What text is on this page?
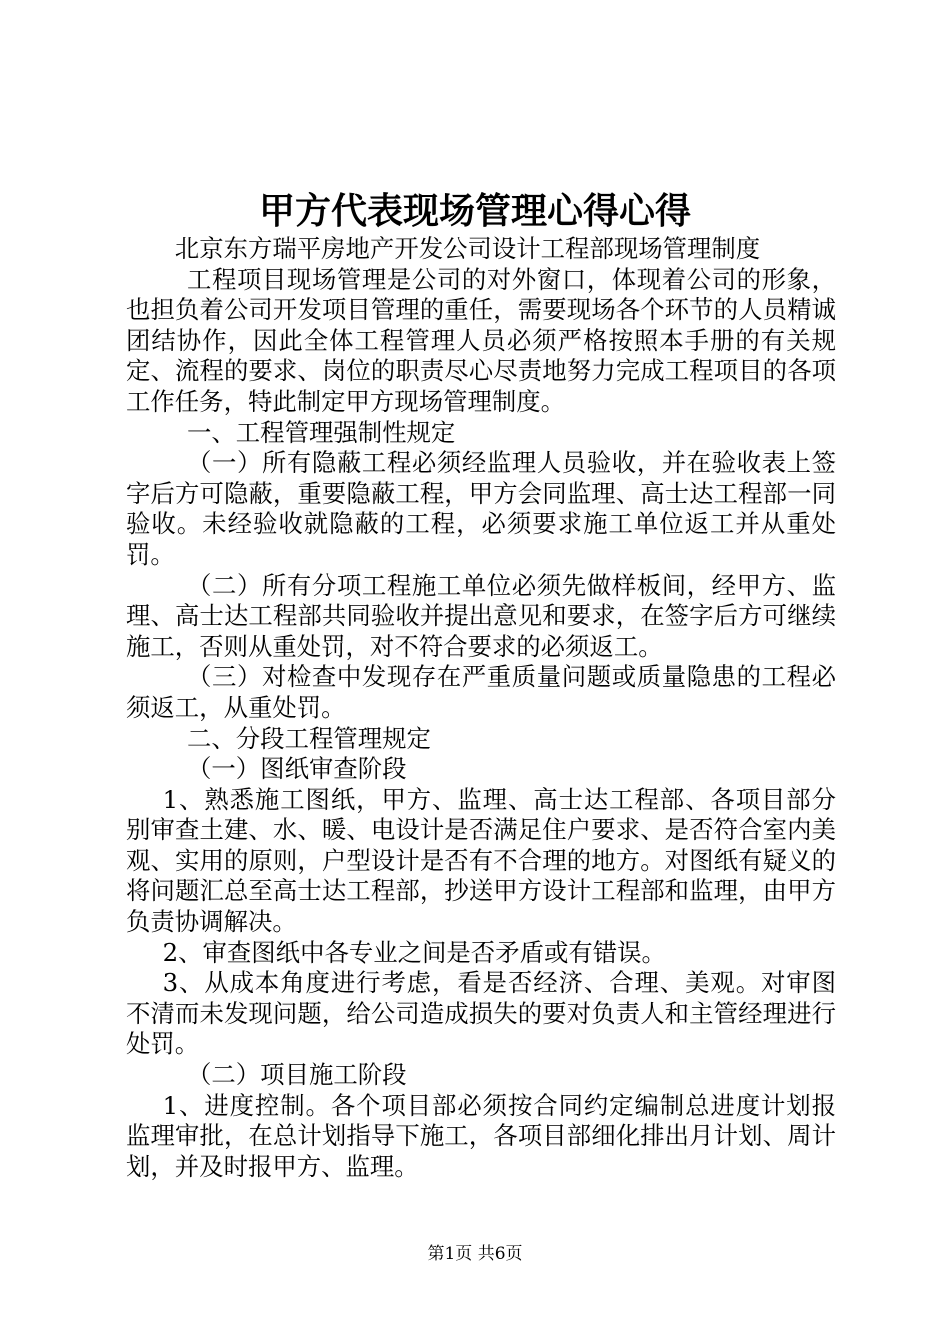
甲方代表现场管理心得心得

北京东方瑞平房地产开发公司设计工程部现场管理制度

工程项目现场管理是公司的对外窗口，体现着公司的形象，也担负着公司开发项目管理的重任，需要现场各个环节的人员精诚团结协作，因此全体工程管理人员必须严格按照本手册的有关规定、流程的要求、岗位的职责尽心尽责地努力完成工程项目的各项工作任务，特此制定甲方现场管理制度。

一、工程管理强制性规定

（一）所有隐蔽工程必须经监理人员验收，并在验收表上签字后方可隐蔽，重要隐蔽工程，甲方会同监理、高士达工程部一同验收。未经验收就隐蔽的工程，必须要求施工单位返工并从重处罚。

（二）所有分项工程施工单位必须先做样板间，经甲方、监理、高士达工程部共同验收并提出意见和要求，在签字后方可继续施工，否则从重处罚，对不符合要求的必须返工。

（三）对检查中发现存在严重质量问题或质量隐患的工程必须返工，从重处罚。

二、分段工程管理规定

（一）图纸审查阶段

1、熟悉施工图纸，甲方、监理、高士达工程部、各项目部分别审查土建、水、暖、电设计是否满足住户要求、是否符合室内美观、实用的原则，户型设计是否有不合理的地方。对图纸有疑义的将问题汇总至高士达工程部，抄送甲方设计工程部和监理，由甲方负责协调解决。

2、审查图纸中各专业之间是否矛盾或有错误。

3、从成本角度进行考虑，看是否经济、合理、美观。对审图不清而未发现问题，给公司造成损失的要对负责人和主管经理进行处罚。

（二）项目施工阶段

1、进度控制。各个项目部必须按合同约定编制总进度计划报监理审批，在总计划指导下施工，各项目部细化排出月计划、周计划，并及时报甲方、监理。

第1页 共6页
